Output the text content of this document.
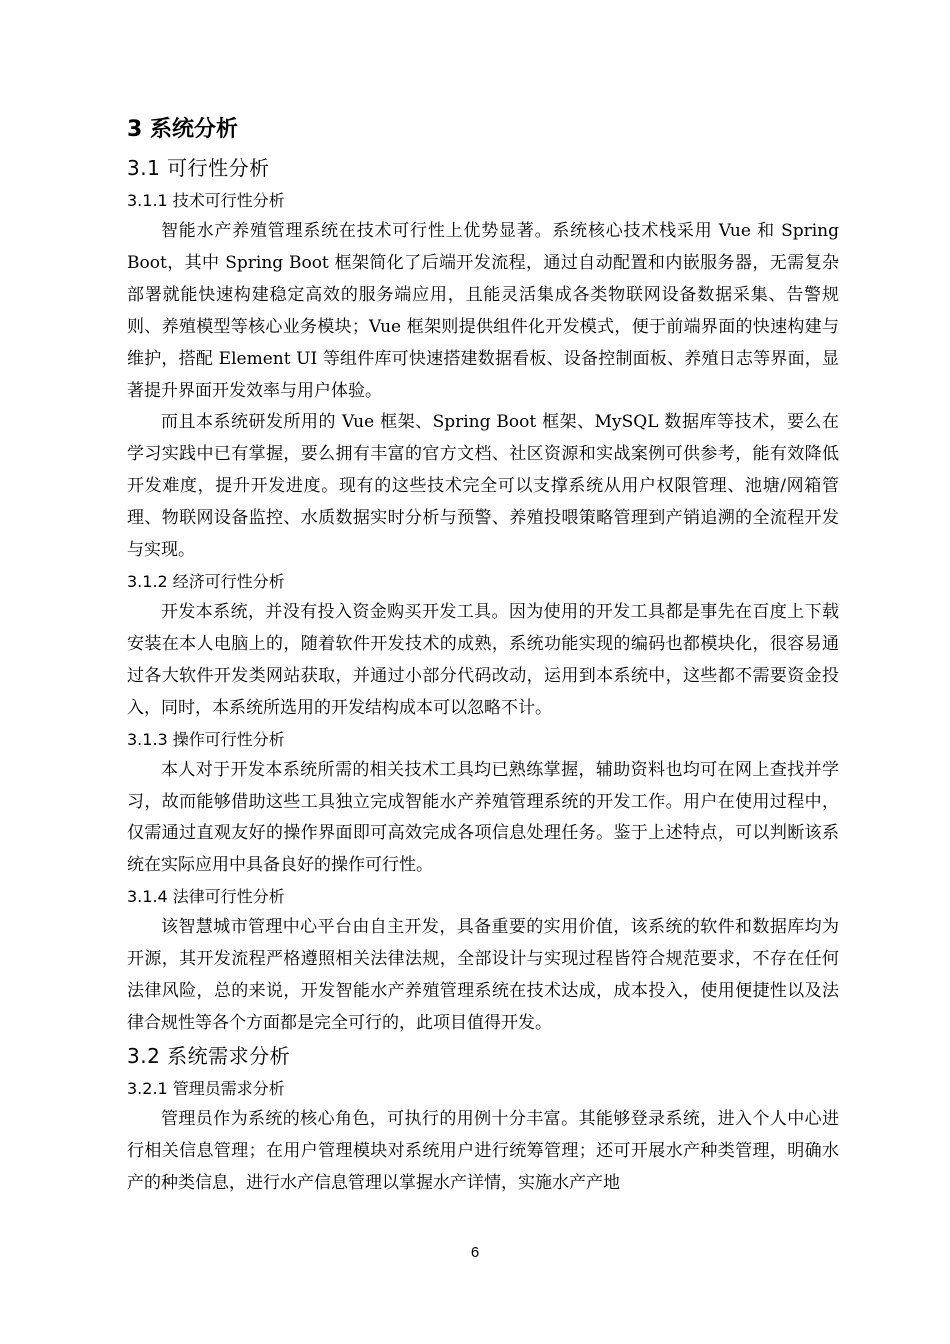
3 系统分析
3.1 可行性分析
3.1.1 技术可行性分析

智能水产养殖管理系统在技术可行性上优势显著。系统核心技术栈采用 Vue 和 Spring Boot，其中 Spring Boot 框架简化了后端开发流程，通过自动配置和内嵌服务器，无需复杂部署就能快速构建稳定高效的服务端应用，且能灵活集成各类物联网设备数据采集、告警规则、养殖模型等核心业务模块；Vue 框架则提供组件化开发模式，便于前端界面的快速构建与维护，搭配 Element UI 等组件库可快速搭建数据看板、设备控制面板、养殖日志等界面，显著提升界面开发效率与用户体验。

而且本系统研发所用的 Vue 框架、Spring Boot 框架、MySQL 数据库等技术，要么在学习实践中已有掌握，要么拥有丰富的官方文档、社区资源和实战案例可供参考，能有效降低开发难度，提升开发进度。现有的这些技术完全可以支撑系统从用户权限管理、池塘/网箱管理、物联网设备监控、水质数据实时分析与预警、养殖投喂策略管理到产销追溯的全流程开发与实现。

3.1.2 经济可行性分析

开发本系统，并没有投入资金购买开发工具。因为使用的开发工具都是事先在百度上下载安装在本人电脑上的，随着软件开发技术的成熟，系统功能实现的编码也都模块化，很容易通过各大软件开发类网站获取，并通过小部分代码改动，运用到本系统中，这些都不需要资金投入，同时，本系统所选用的开发结构成本可以忽略不计。

3.1.3 操作可行性分析

本人对于开发本系统所需的相关技术工具均已熟练掌握，辅助资料也均可在网上查找并学习，故而能够借助这些工具独立完成智能水产养殖管理系统的开发工作。用户在使用过程中，仅需通过直观友好的操作界面即可高效完成各项信息处理任务。鉴于上述特点，可以判断该系统在实际应用中具备良好的操作可行性。

3.1.4 法律可行性分析

该智慧城市管理中心平台由自主开发，具备重要的实用价值，该系统的软件和数据库均为开源，其开发流程严格遵照相关法律法规，全部设计与实现过程皆符合规范要求，不存在任何法律风险，总的来说，开发智能水产养殖管理系统在技术达成，成本投入，使用便捷性以及法律合规性等各个方面都是完全可行的，此项目值得开发。

3.2 系统需求分析
3.2.1 管理员需求分析

管理员作为系统的核心角色，可执行的用例十分丰富。其能够登录系统，进入个人中心进行相关信息管理；在用户管理模块对系统用户进行统筹管理；还可开展水产种类管理，明确水产的种类信息，进行水产信息管理以掌握水产详情，实施水产产地

6
